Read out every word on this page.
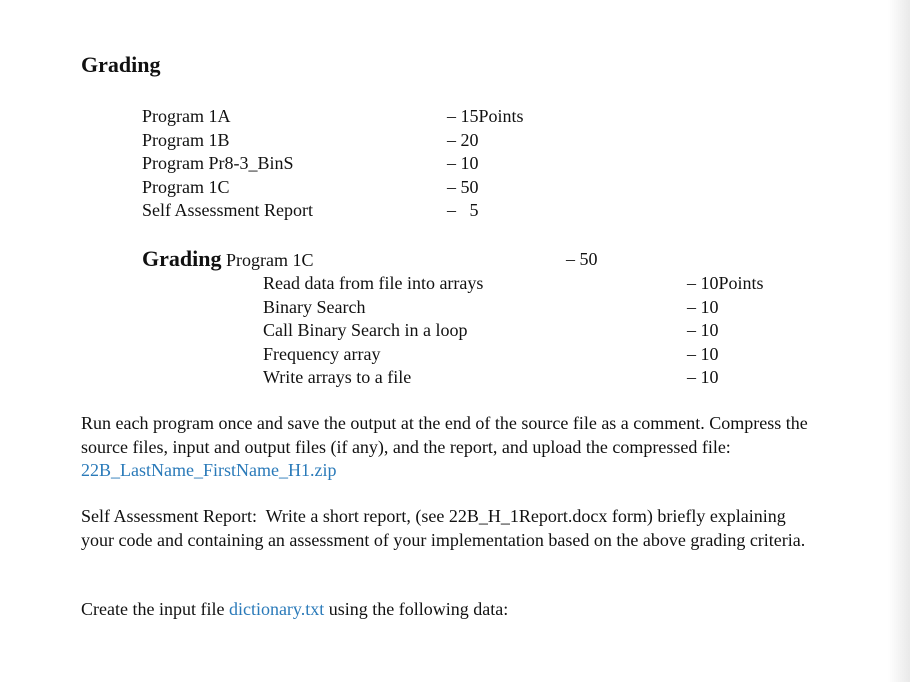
Grading
Program 1A	– 15Points
Program 1B	– 20
Program Pr8-3_BinS	– 10
Program 1C	– 50
Self Assessment Report	–   5
Grading Program 1C	– 50
Read data from file into arrays	– 10Points
Binary Search	– 10
Call Binary Search in a loop	– 10
Frequency array	– 10
Write arrays to a file	– 10

Run each program once and save the output at the end of the source file as a comment. Compress the source files, input and output files (if any), and the report, and upload the compressed file: 22B_LastName_FirstName_H1.zip

Self Assessment Report:  Write a short report, (see 22B_H_1Report.docx form) briefly explaining your code and containing an assessment of your implementation based on the above grading criteria.

Create the input file dictionary.txt using the following data:
